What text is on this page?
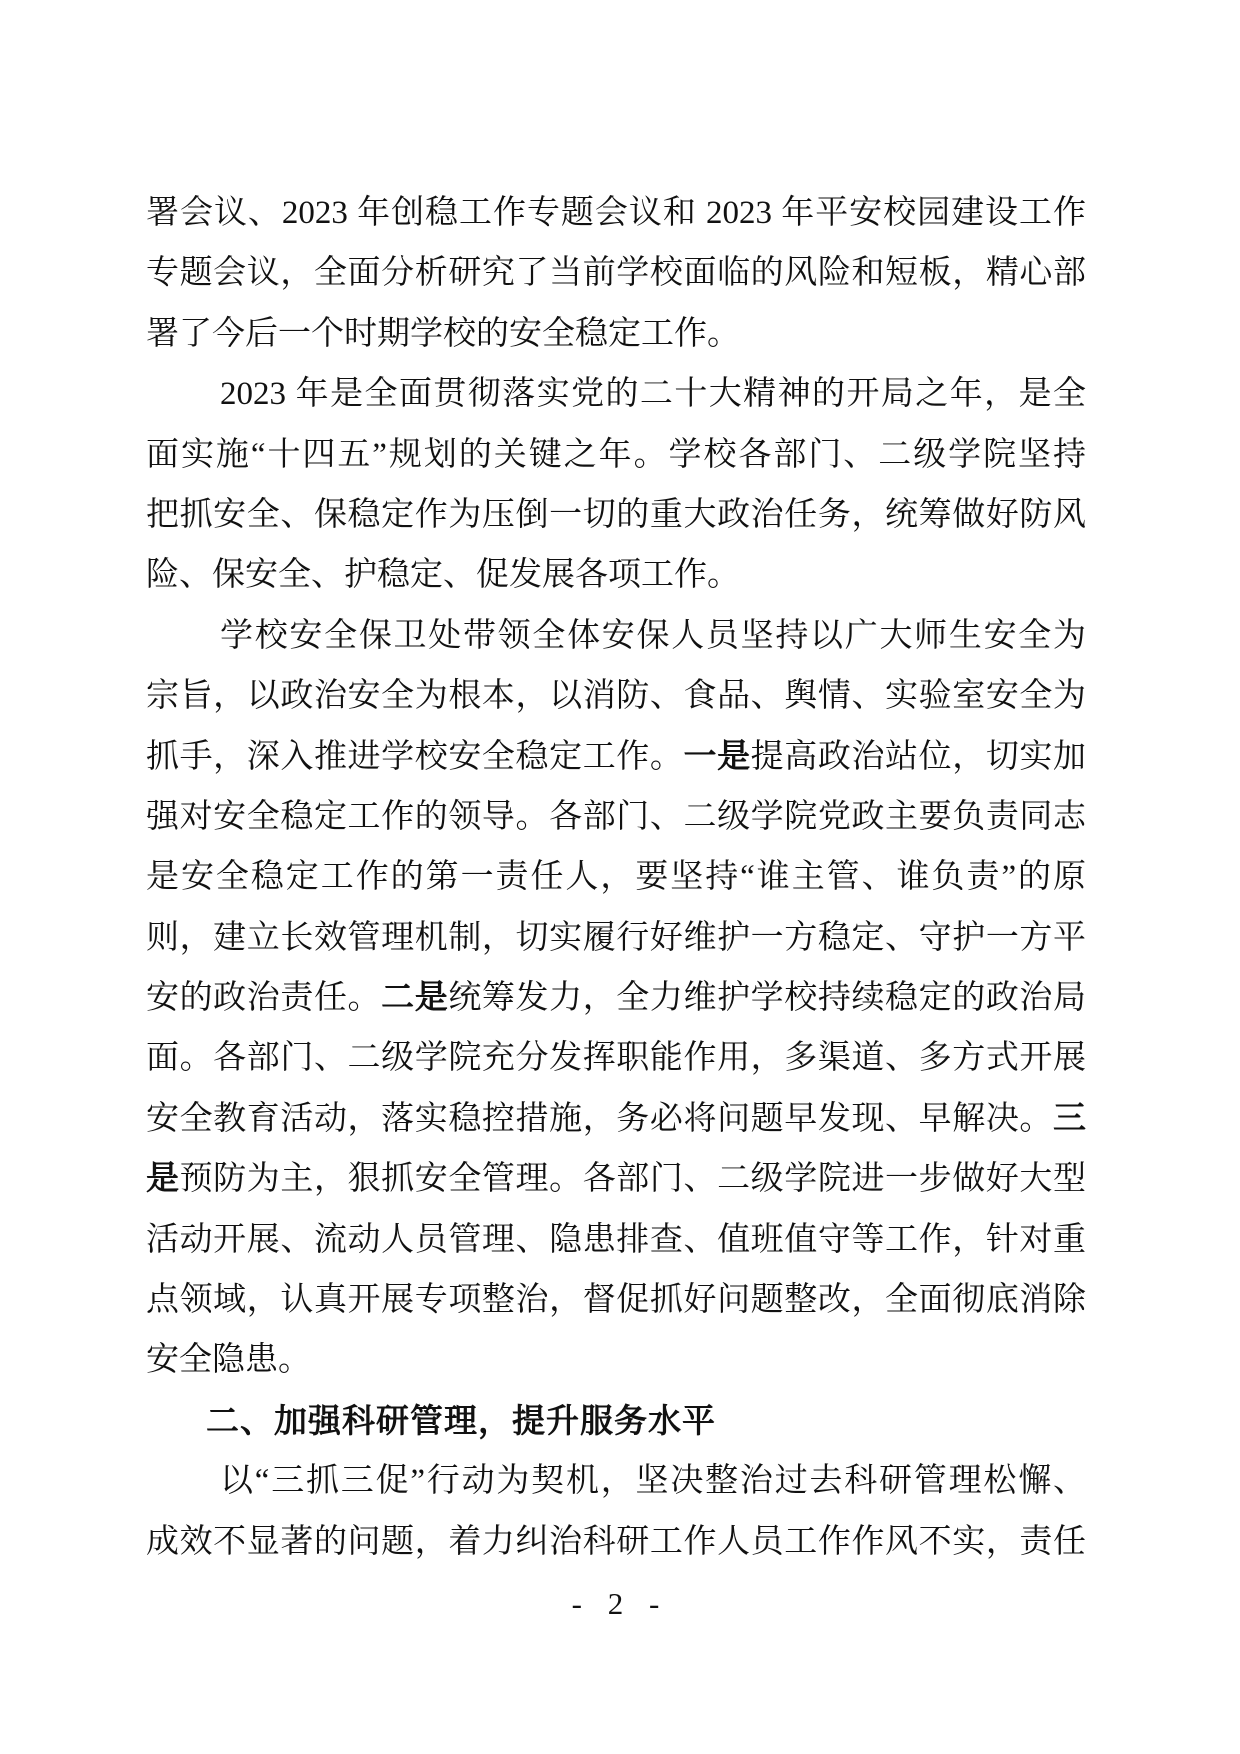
署会议、2023 年创稳工作专题会议和 2023 年平安校园建设工作
专题会议，全面分析研究了当前学校面临的风险和短板，精心部
署了今后一个时期学校的安全稳定工作。
2023 年是全面贯彻落实党的二十大精神的开局之年，是全
面实施“十四五”规划的关键之年。学校各部门、二级学院坚持
把抓安全、保稳定作为压倒一切的重大政治任务，统筹做好防风
险、保安全、护稳定、促发展各项工作。
学校安全保卫处带领全体安保人员坚持以广大师生安全为
宗旨，以政治安全为根本，以消防、食品、舆情、实验室安全为
抓手，深入推进学校安全稳定工作。一是提高政治站位，切实加
强对安全稳定工作的领导。各部门、二级学院党政主要负责同志
是安全稳定工作的第一责任人，要坚持“谁主管、谁负责”的原
则，建立长效管理机制，切实履行好维护一方稳定、守护一方平
安的政治责任。二是统筹发力，全力维护学校持续稳定的政治局
面。各部门、二级学院充分发挥职能作用，多渠道、多方式开展
安全教育活动，落实稳控措施，务必将问题早发现、早解决。三
是预防为主，狠抓安全管理。各部门、二级学院进一步做好大型
活动开展、流动人员管理、隐患排查、值班值守等工作，针对重
点领域，认真开展专项整治，督促抓好问题整改，全面彻底消除
安全隐患。
二、加强科研管理，提升服务水平
以“三抓三促”行动为契机，坚决整治过去科研管理松懈、
成效不显著的问题，着力纠治科研工作人员工作作风不实，责任
- 2 -
